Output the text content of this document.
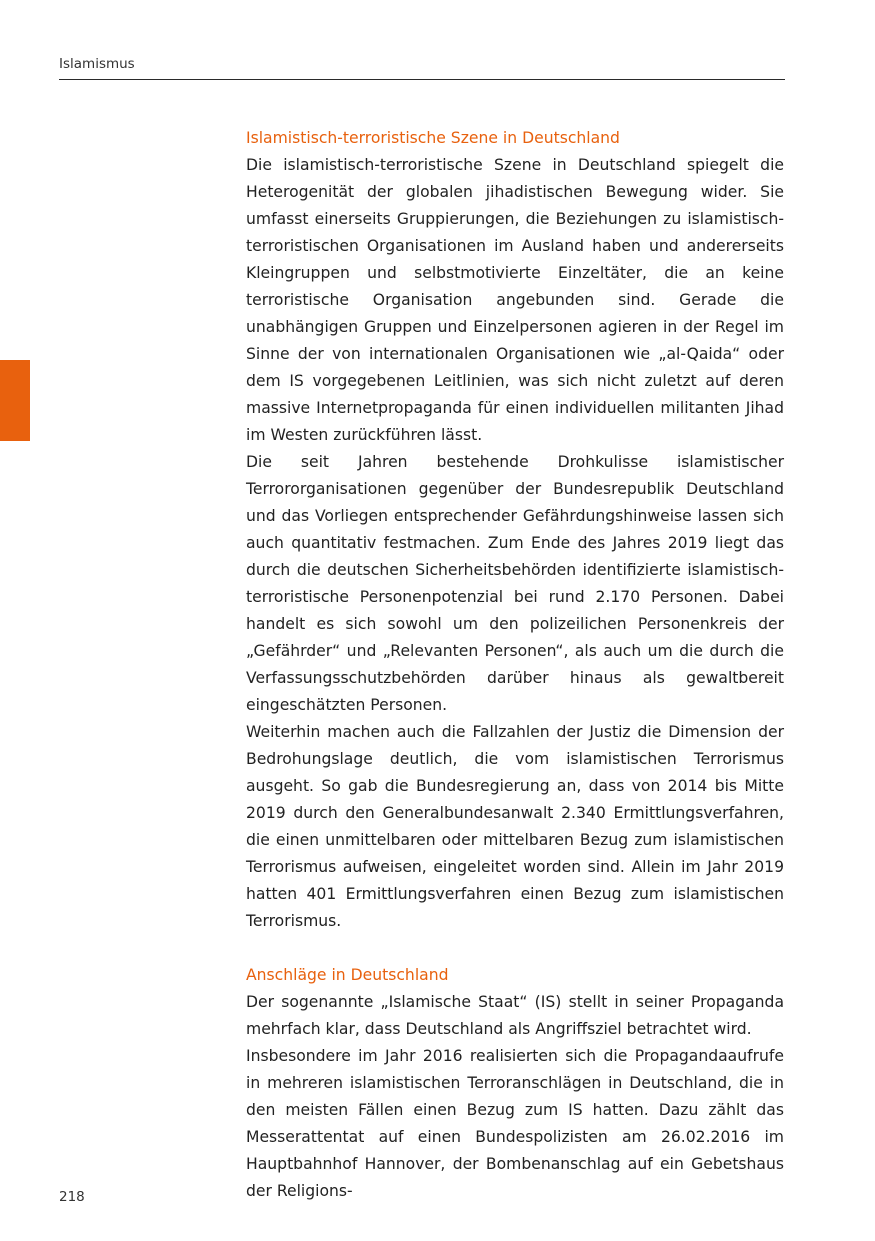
Islamismus
Islamistisch-terroristische Szene in Deutschland

Die islamistisch-terroristische Szene in Deutschland spiegelt die Heterogenität der globalen jihadistischen Bewegung wider. Sie umfasst einerseits Gruppierungen, die Beziehungen zu islamistisch-terroristischen Organisationen im Ausland haben und andererseits Kleingruppen und selbstmotivierte Einzeltäter, die an keine terroristische Organisation angebunden sind. Gerade die unabhängigen Gruppen und Einzelpersonen agieren in der Regel im Sinne der von internationalen Organisationen wie „al-Qaida“ oder dem IS vorgegebenen Leitlinien, was sich nicht zuletzt auf deren massive Internetpropaganda für einen individuellen militanten Jihad im Westen zurückführen lässt.

Die seit Jahren bestehende Drohkulisse islamistischer Terrororganisationen gegenüber der Bundesrepublik Deutschland und das Vorliegen entsprechender Gefährdungshinweise lassen sich auch quantitativ festmachen. Zum Ende des Jahres 2019 liegt das durch die deutschen Sicherheitsbehörden identifizierte islamistisch-terroristische Personenpotenzial bei rund 2.170 Personen. Dabei handelt es sich sowohl um den polizeilichen Personenkreis der „Gefährder“ und „Relevanten Personen“, als auch um die durch die Verfassungsschutzbehörden darüber hinaus als gewaltbereit eingeschätzten Personen.

Weiterhin machen auch die Fallzahlen der Justiz die Dimension der Bedrohungslage deutlich, die vom islamistischen Terrorismus ausgeht. So gab die Bundesregierung an, dass von 2014 bis Mitte 2019 durch den Generalbundesanwalt 2.340 Ermittlungsverfahren, die einen unmittelbaren oder mittelbaren Bezug zum islamistischen Terrorismus aufweisen, eingeleitet worden sind. Allein im Jahr 2019 hatten 401 Ermittlungsverfahren einen Bezug zum islamistischen Terrorismus.

Anschläge in Deutschland

Der sogenannte „Islamische Staat“ (IS) stellt in seiner Propaganda mehrfach klar, dass Deutschland als Angriffsziel betrachtet wird.

Insbesondere im Jahr 2016 realisierten sich die Propagandaaufrufe in mehreren islamistischen Terroranschlägen in Deutschland, die in den meisten Fällen einen Bezug zum IS hatten. Dazu zählt das Messerattentat auf einen Bundespolizisten am 26.02.2016 im Hauptbahnhof Hannover, der Bombenanschlag auf ein Gebetshaus der Religions-

218
